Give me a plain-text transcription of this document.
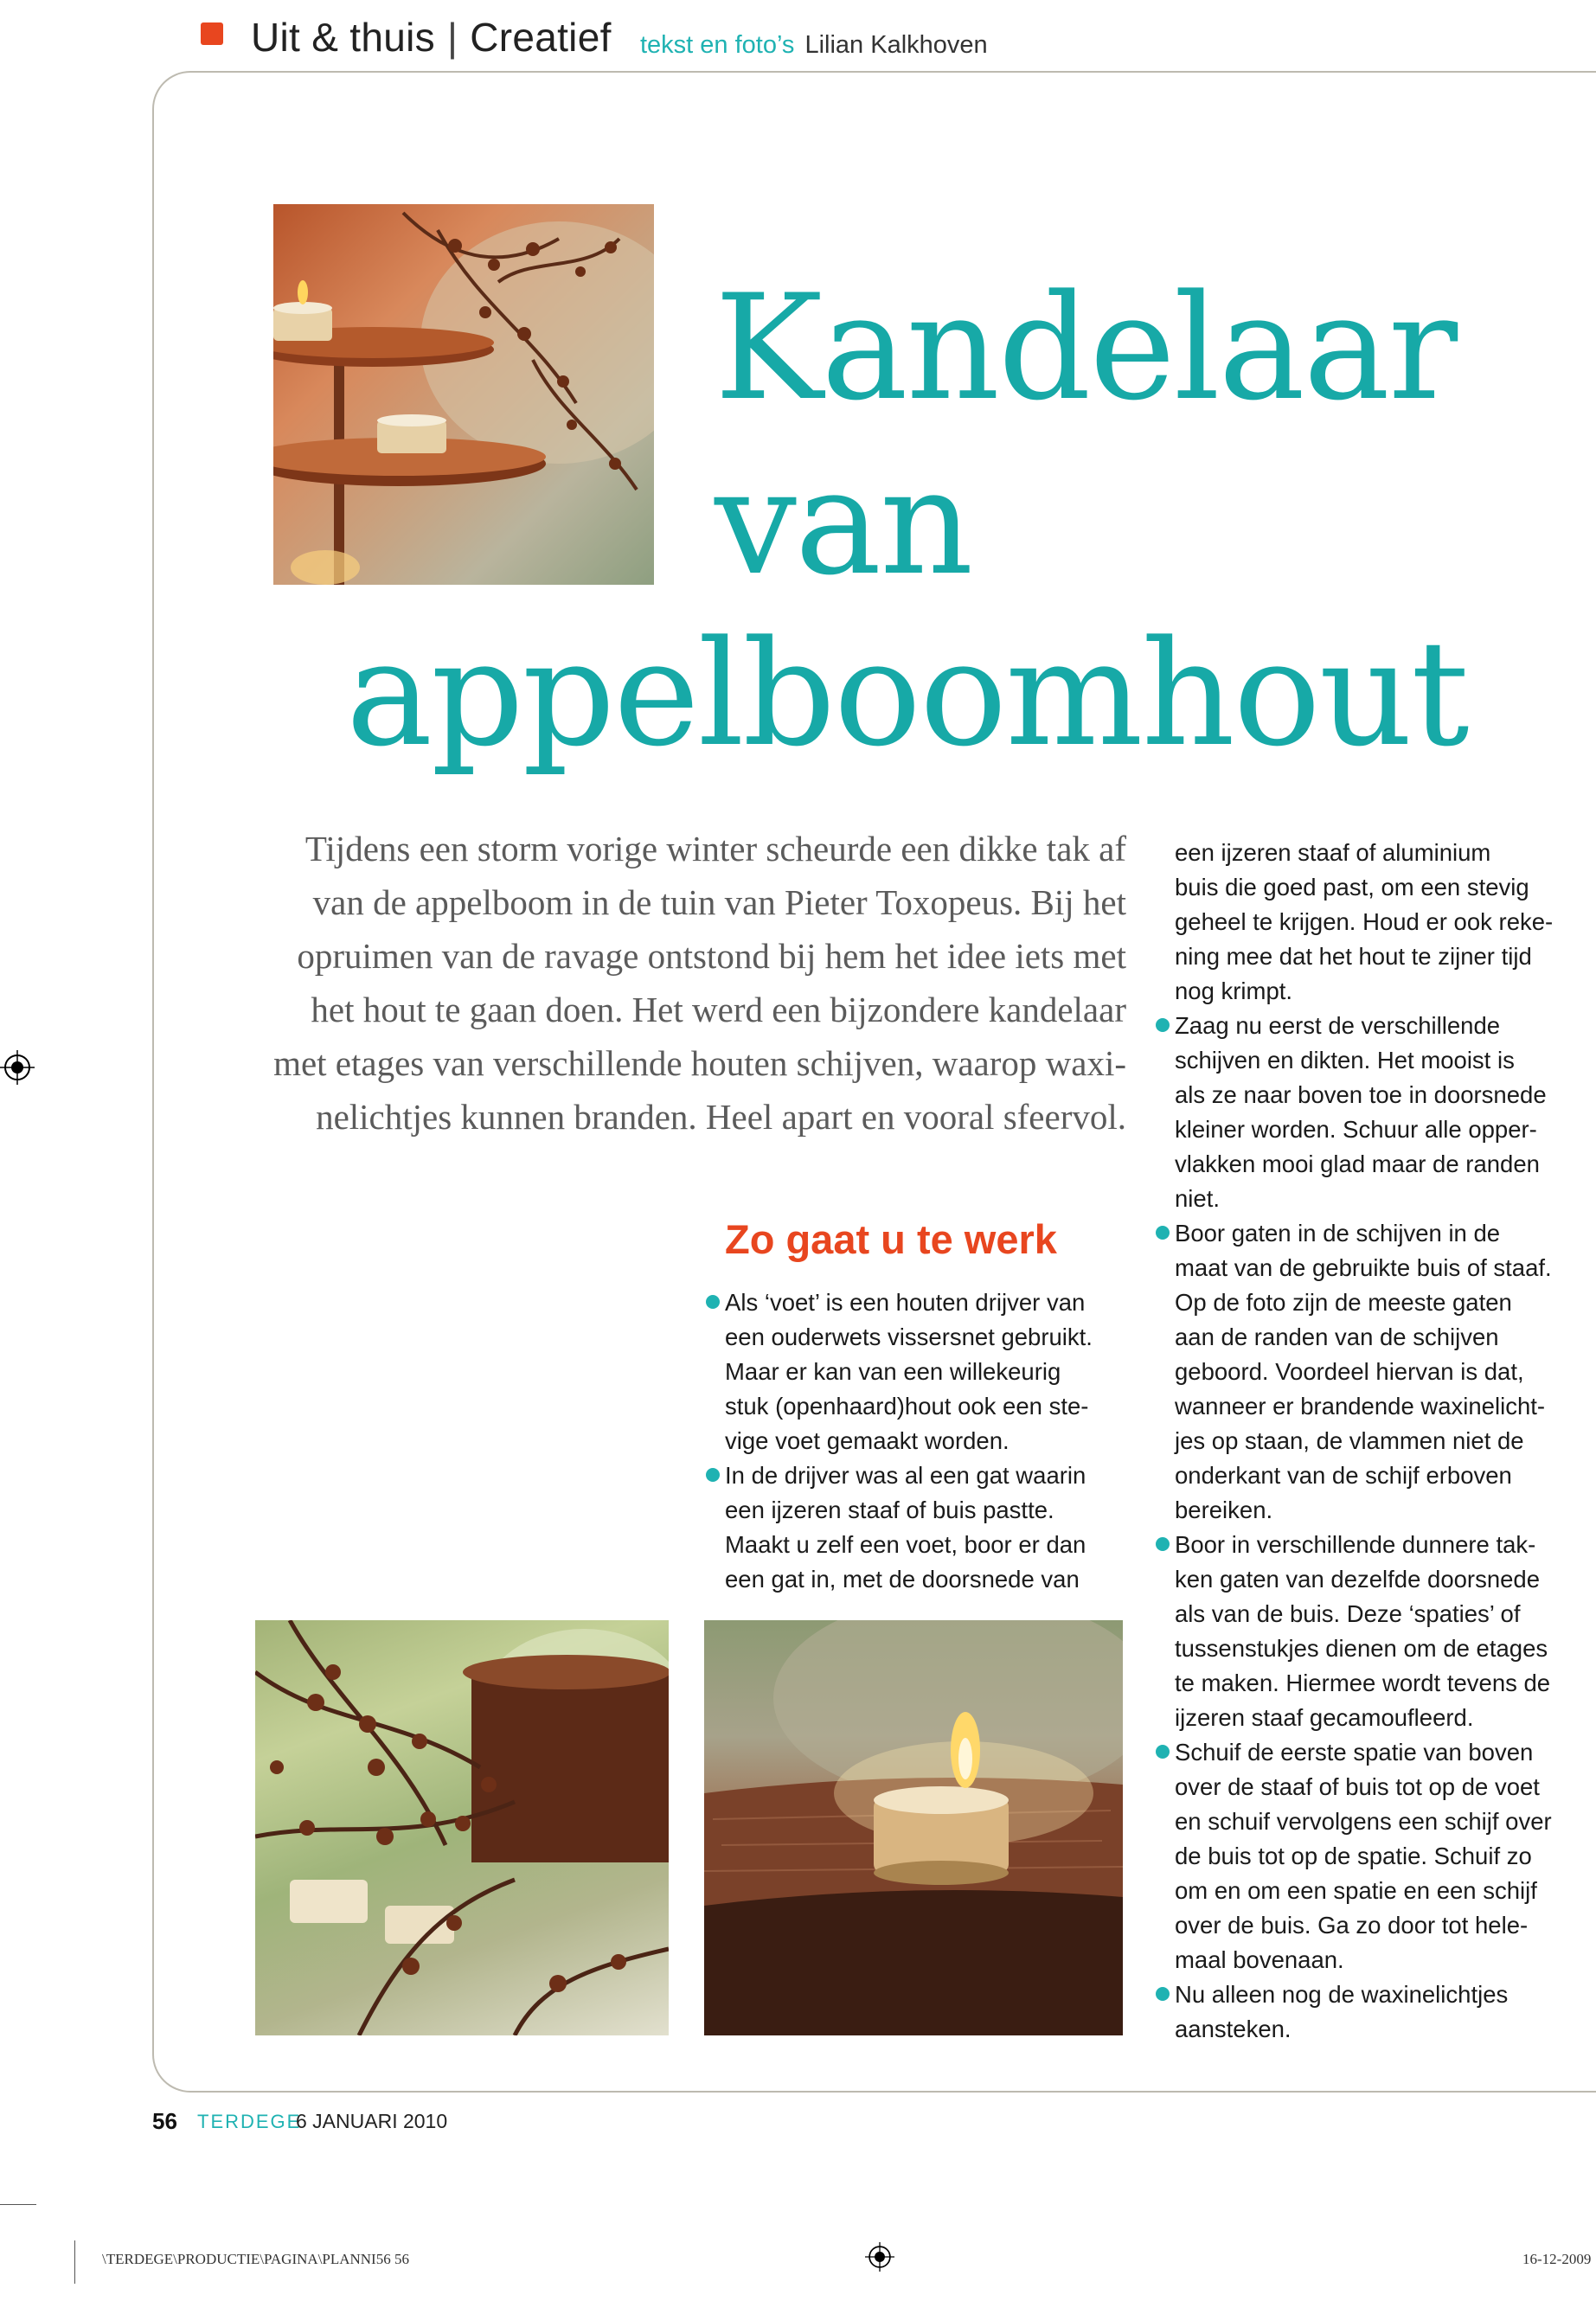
Uit & thuis | Creatief tekst en foto’s Lilian Kalkhoven
Kandelaar
van
appelboomhout
Tijdens een storm vorige winter scheurde een dikke tak af
van de appelboom in de tuin van Pieter Toxopeus. Bij het
opruimen van de ravage ontstond bij hem het idee iets met
het hout te gaan doen. Het werd een bijzondere kandelaar
met etages van verschillende houten schijven, waarop waxi-
nelichtjes kunnen branden. Heel apart en vooral sfeervol.
Zo gaat u te werk
Als ‘voet’ is een houten drijver van
een ouderwets vissersnet gebruikt.
Maar er kan van een willekeurig
stuk (openhaard)hout ook een ste-
vige voet gemaakt worden.
In de drijver was al een gat waarin
een ijzeren staaf of buis pastte.
Maakt u zelf een voet, boor er dan
een gat in, met de doorsnede van
een ijzeren staaf of aluminium
buis die goed past, om een stevig
geheel te krijgen. Houd er ook reke-
ning mee dat het hout te zijner tijd
nog krimpt.
Zaag nu eerst de verschillende
schijven en dikten. Het mooist is
als ze naar boven toe in doorsnede
kleiner worden. Schuur alle opper-
vlakken mooi glad maar de randen
niet.
Boor gaten in de schijven in de
maat van de gebruikte buis of staaf.
Op de foto zijn de meeste gaten
aan de randen van de schijven
geboord. Voordeel hiervan is dat,
wanneer er brandende waxinelicht-
jes op staan, de vlammen niet de
onderkant van de schijf erboven
bereiken.
Boor in verschillende dunnere tak-
ken gaten van dezelfde doorsnede
als van de buis. Deze ‘spaties’ of
tussenstukjes dienen om de etages
te maken. Hiermee wordt tevens de
ijzeren staaf gecamoufleerd.
Schuif de eerste spatie van boven
over de staaf of buis tot op de voet
en schuif vervolgens een schijf over
de buis tot op de spatie. Schuif zo
om en om een spatie en een schijf
over de buis. Ga zo door tot hele-
maal bovenaan.
Nu alleen nog de waxinelichtjes
aansteken.
56 TERDEGE
6 JANUARI 2010
\TERDEGE\PRODUCTIE\PAGINA\PLANNI56 56	16-12-2009
